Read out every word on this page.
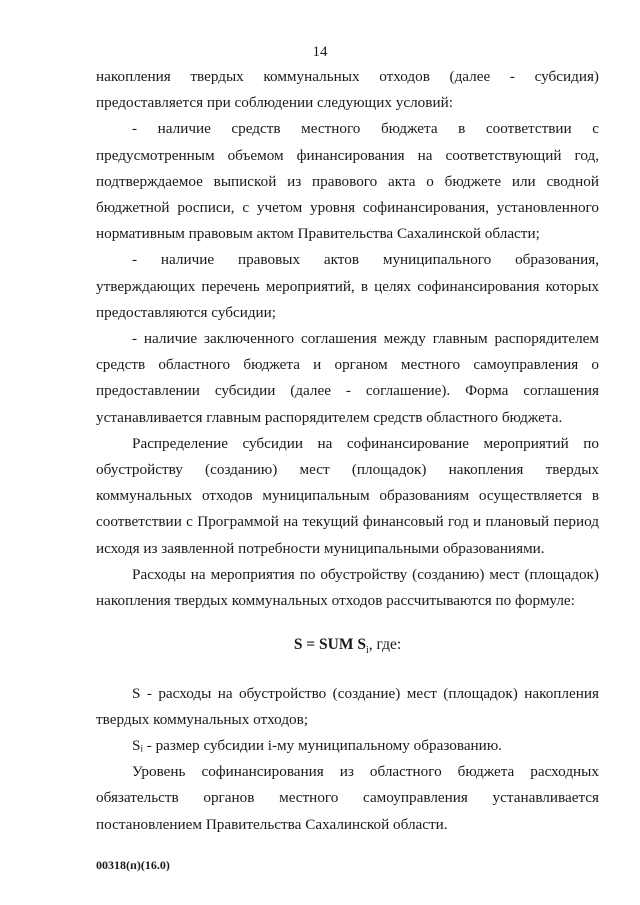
14

накопления твердых коммунальных отходов (далее - субсидия) предоставляется при соблюдении следующих условий:

- наличие средств местного бюджета в соответствии с предусмотренным объемом финансирования на соответствующий год, подтверждаемое выпиской из правового акта о бюджете или сводной бюджетной росписи, с учетом уровня софинансирования, установленного нормативным правовым актом Правительства Сахалинской области;

- наличие правовых актов муниципального образования, утверждающих перечень мероприятий, в целях софинансирования которых предоставляются субсидии;

- наличие заключенного соглашения между главным распорядителем средств областного бюджета и органом местного самоуправления о предоставлении субсидии (далее - соглашение). Форма соглашения устанавливается главным распорядителем средств областного бюджета.

Распределение субсидии на софинансирование мероприятий по обустройству (созданию) мест (площадок) накопления твердых коммунальных отходов муниципальным образованиям осуществляется в соответствии с Программой на текущий финансовый год и плановый период исходя из заявленной потребности муниципальными образованиями.

Расходы на мероприятия по обустройству (созданию) мест (площадок) накопления твердых коммунальных отходов рассчитываются по формуле:

S = SUM $S_i$, где:

S - расходы на обустройство (создание) мест (площадок) накопления твердых коммунальных отходов;

Sᵢ - размер субсидии i-му муниципальному образованию.

Уровень софинансирования из областного бюджета расходных обязательств органов местного самоуправления устанавливается постановлением Правительства Сахалинской области.

00318(п)(16.0)
